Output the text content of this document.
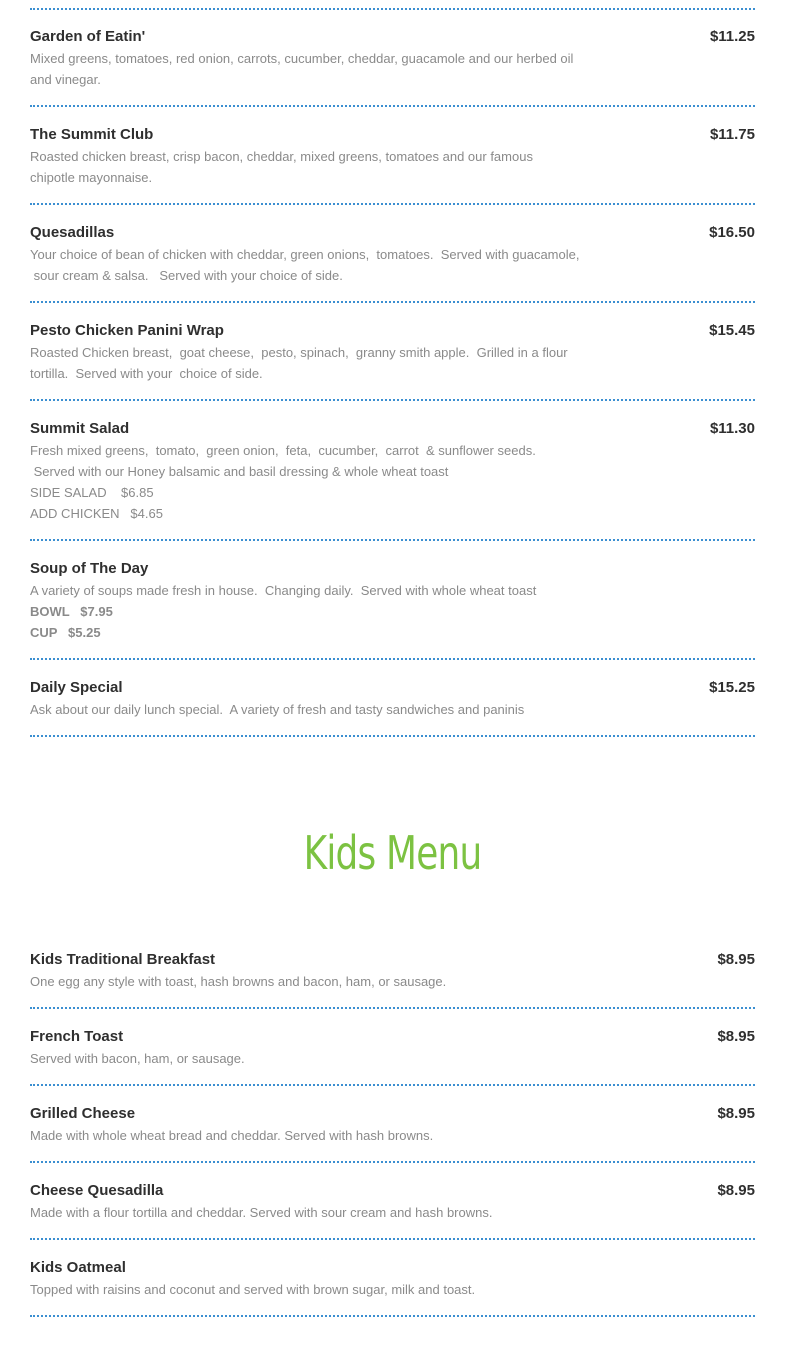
Garden of Eatin'	$11.25
Mixed greens, tomatoes, red onion, carrots, cucumber, cheddar, guacamole and our herbed oil
and vinegar.
The Summit Club	$11.75
Roasted chicken breast, crisp bacon, cheddar, mixed greens, tomatoes and our famous
chipotle mayonnaise.
Quesadillas	$16.50
Your choice of bean of chicken with cheddar, green onions,  tomatoes.  Served with guacamole,
sour cream & salsa.   Served with your choice of side.
Pesto Chicken Panini Wrap	$15.45
Roasted Chicken breast,  goat cheese,  pesto, spinach,  granny smith apple.  Grilled in a flour
tortilla.  Served with your  choice of side.
Summit Salad	$11.30
Fresh mixed greens,  tomato,  green onion,  feta,  cucumber,  carrot  & sunflower seeds.
Served with our Honey balsamic and basil dressing & whole wheat toast
SIDE SALAD    $6.85
ADD CHICKEN   $4.65
Soup of The Day
A variety of soups made fresh in house.  Changing daily.  Served with whole wheat toast
BOWL   $7.95
CUP   $5.25
Daily Special	$15.25
Ask about our daily lunch special.  A variety of fresh and tasty sandwiches and paninis
Kids Menu
Kids Traditional Breakfast	$8.95
One egg any style with toast, hash browns and bacon, ham, or sausage.
French Toast	$8.95
Served with bacon, ham, or sausage.
Grilled Cheese	$8.95
Made with whole wheat bread and cheddar. Served with hash browns.
Cheese Quesadilla	$8.95
Made with a flour tortilla and cheddar. Served with sour cream and hash browns.
Kids Oatmeal
Topped with raisins and coconut and served with brown sugar, milk and toast.
